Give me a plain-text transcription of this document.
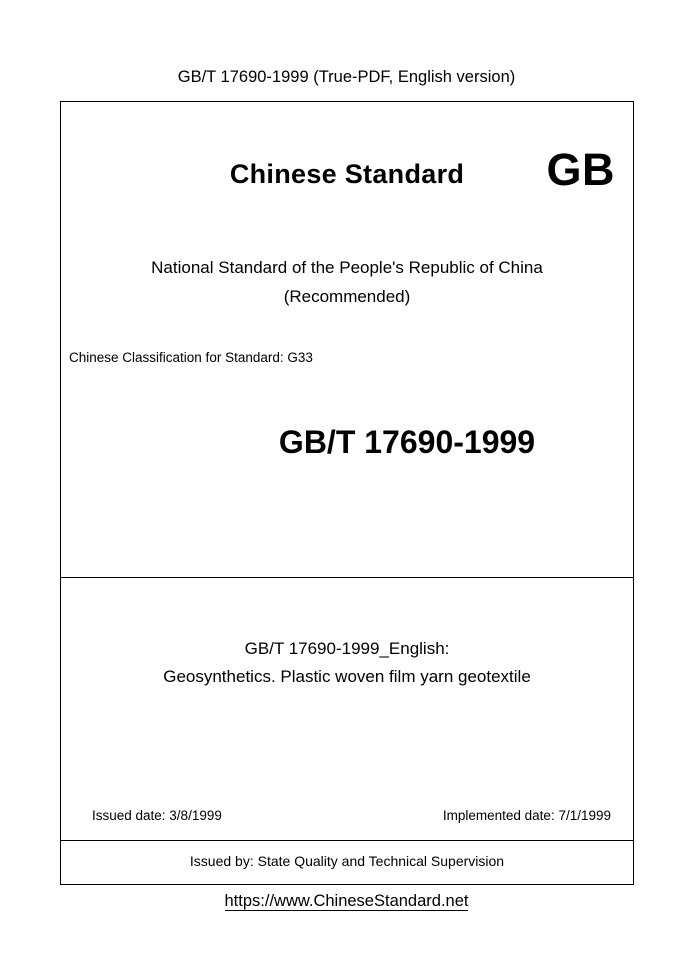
GB/T 17690-1999 (True-PDF, English version)
Chinese Standard	GB
National Standard of the People's Republic of China
(Recommended)
Chinese Classification for Standard: G33
GB/T 17690-1999
GB/T 17690-1999_English:
Geosynthetics. Plastic woven film yarn geotextile
Issued date: 3/8/1999	Implemented date: 7/1/1999
Issued by: State Quality and Technical Supervision
https://www.ChineseStandard.net
